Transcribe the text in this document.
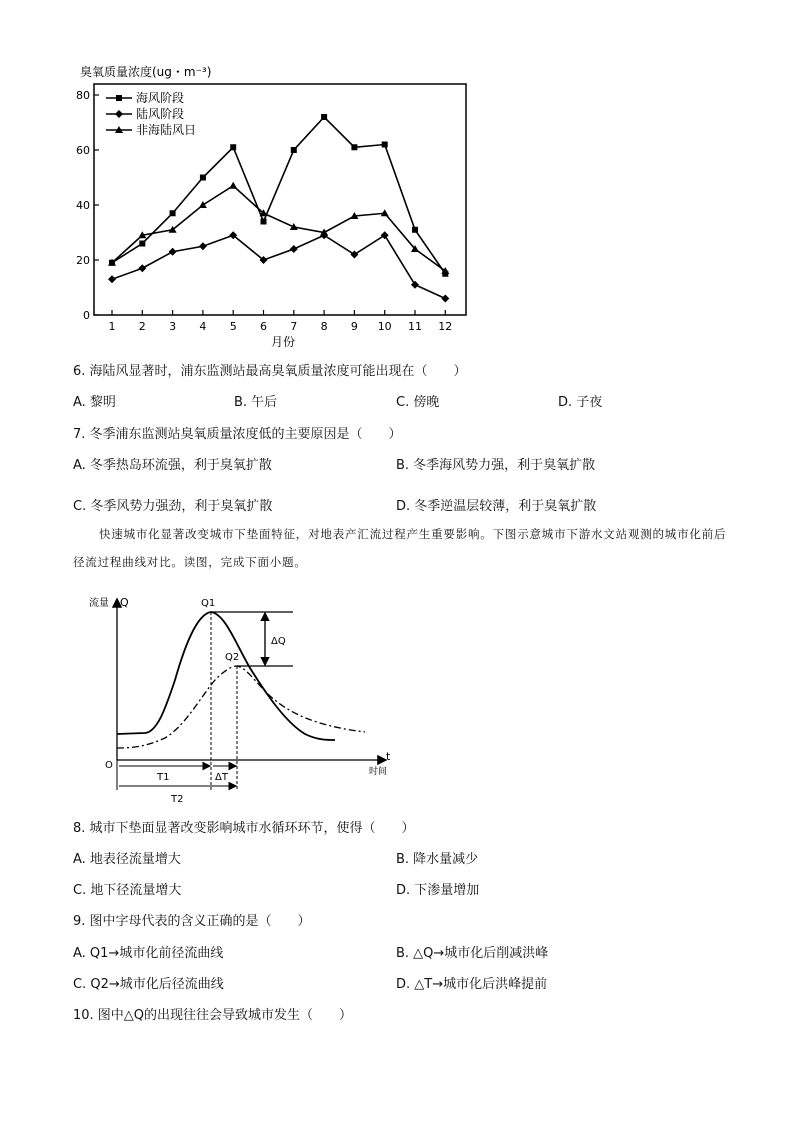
臭氧质量浓度(ug・m⁻³)
0
20
40
60
80
1 2 3 4 5 6 7 8 9 10 11 12
海风阶段
陆风阶段
非海陆风日
月份
6. 海陆风显著时，浦东监测站最高臭氧质量浓度可能出现在（　　）
A. 黎明	B. 午后	C. 傍晚	D. 子夜
7. 冬季浦东监测站臭氧质量浓度低的主要原因是（　　）
A. 冬季热岛环流强，利于臭氧扩散	B. 冬季海风势力强，利于臭氧扩散
C. 冬季风势力强劲，利于臭氧扩散	D. 冬季逆温层较薄，利于臭氧扩散
快速城市化显著改变城市下垫面特征，对地表产汇流过程产生重要影响。下图示意城市下游水文站观测的城市化前后径流过程曲线对比。读图，完成下面小题。
流量 Q
t
时间
O
Q1
Q2
ΔQ
T1	ΔT
T2
8. 城市下垫面显著改变影响城市水循环环节，使得（　　）
A. 地表径流量增大	B. 降水量减少
C. 地下径流量增大	D. 下渗量增加
9. 图中字母代表的含义正确的是（　　）
A. Q1→城市化前径流曲线	B. △Q→城市化后削减洪峰
C. Q2→城市化后径流曲线	D. △T→城市化后洪峰提前
10. 图中△Q的出现往往会导致城市发生（　　）
